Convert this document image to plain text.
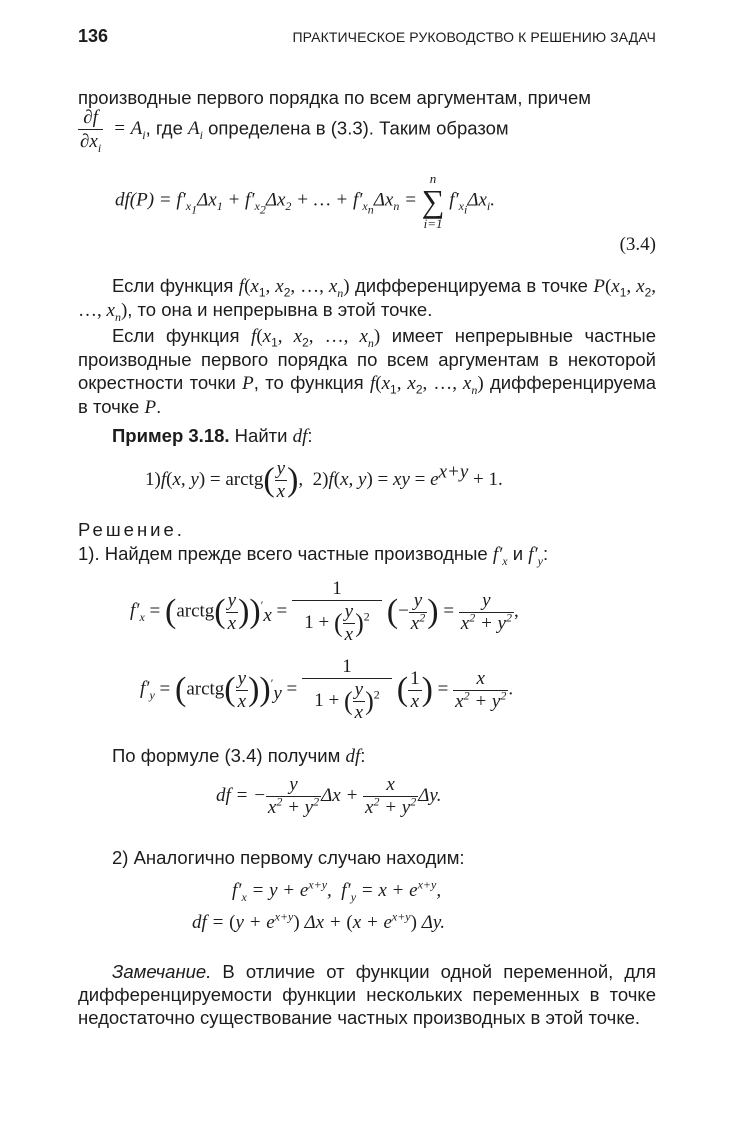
136	ПРАКТИЧЕСКОЕ РУКОВОДСТВО К РЕШЕНИЮ ЗАДАЧ
производные первого порядка по всем аргументам, причем
$\frac{\partial f}{\partial x_i} = A_i$, где $A_i$ определена в (3.3). Таким образом
$df(P) = f'_{x_1}\Delta x_1 + f'_{x_2}\Delta x_2$ + … + $f'_{x_n}\Delta x_n$ =
n
∑
i=1
$f'_{x_i}\Delta x_i$.
(3.4)
Если функция $f(x_1$, $x_2$, …, $x_n$) дифференцируема в точке $P(x_1$, $x_2$, …, $x_n$), то она и непрерывна в этой точке.
Если функция $f(x_1$, $x_2$, …, $x_n$) имеет непрерывные частные производные первого порядка по всем аргументам в некоторой окрестности точки P, то функция $f(x_1$, $x_2$, …, $x_n$) дифференцируема в точке P.
Пример 3.18. Найти df:
1)f(x, y) = arctg( $\frac{y}{x}$ ),  2)f(x, y) = xy = $e^{x+y} + 1$.
Решение.
1). Найдем прежде всего частные производные $f'_x$ и $f'_y$:
$f'_x$ = (arctg( $\frac{y}{x} ))'_x = \frac{1}{1 + ( \frac{y}{x} )^2}$ (− $\frac{y}{x^2}$ ) = $\frac{y}{x^2 + y^2}$ ,
$f'_y$ = (arctg( $\frac{y}{x} ))'_y = \frac{1}{1 + ( \frac{y}{x} )^2}$ ( $\frac{1}{x}$ ) = $\frac{x}{x^2 + y^2}$ .
По формуле (3.4) получим df:
df = − $\frac{y}{x^2 + y^2}$ $\Delta x + \frac{x}{x^2 + y^2} \Delta y$.
2) Аналогично первому случаю находим:
$f'_x = y + e^{x+y}$,  $f'_y = x + e^{x+y}$,
df = $(y + e^{x+y})$ $\Delta x + (x + e^{x+y})$ Δy.
Замечание. В отличие от функции одной переменной, для дифференцируемости функции нескольких переменных в точке недостаточно существование частных производных в этой точке.
